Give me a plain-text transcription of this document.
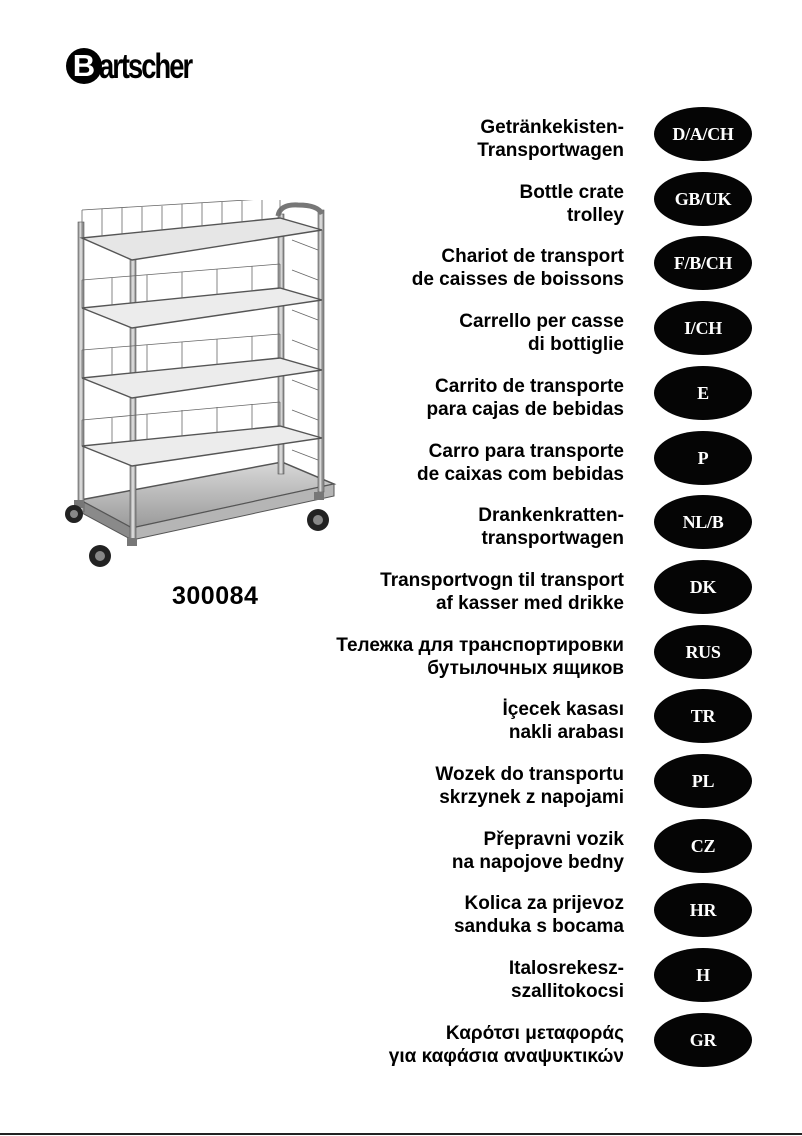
B artscher
300084
Getränkekisten-
Transportwagen
D/A/CH
Bottle crate
trolley
GB/UK
Chariot de transport
de caisses de boissons
F/B/CH
Carrello per casse
di bottiglie
I/CH
Carrito de transporte
para cajas de bebidas
E
Carro para transporte
de caixas com bebidas
P
Drankenkratten-
transportwagen
NL/B
Transportvogn til transport
af kasser med drikke
DK
Тележка для транспортировки
бутылочных ящиков
RUS
İçecek kasası
nakli arabası
TR
Wozek do transportu
skrzynek z napojami
PL
Přepravni vozik
na napojove bedny
CZ
Kolica za prijevoz
sanduka s bocama
HR
Italosrekesz-
szallitokocsi
H
Καρότσι μεταφοράς
για καφάσια αναψυκτικών
GR
